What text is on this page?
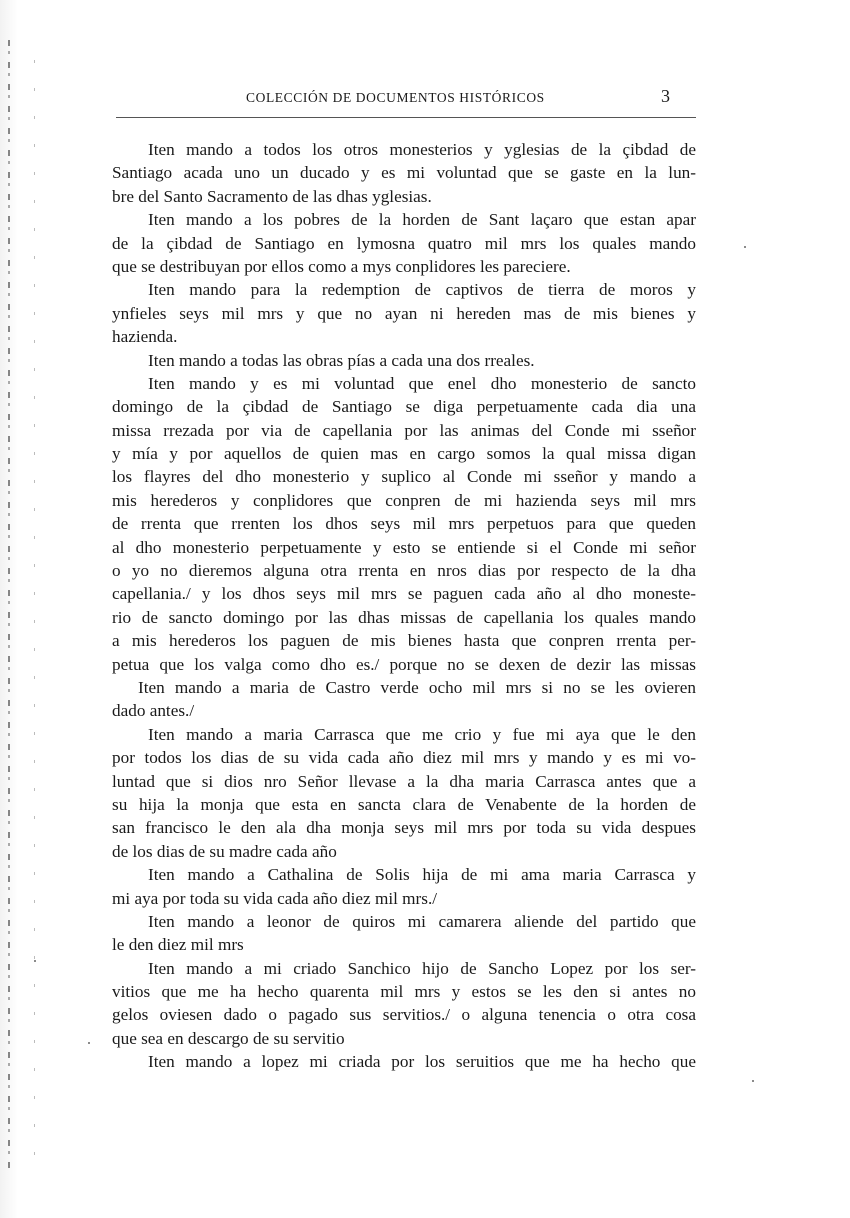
COLECCIÓN DE DOCUMENTOS HISTÓRICOS	3
Iten mando a todos los otros monesterios y yglesias de la çibdad de
Santiago acada uno un ducado y es mi voluntad que se gaste en la lun-
bre del Santo Sacramento de las dhas yglesias.
Iten mando a los pobres de la horden de Sant laçaro que estan apar
de la çibdad de Santiago en lymosna quatro mil mrs los quales mando
que se destribuyan por ellos como a mys conplidores les pareciere.
Iten mando para la redemption de captivos de tierra de moros y
ynfieles seys mil mrs y que no ayan ni hereden mas de mis bienes y
hazienda.
Iten mando a todas las obras pías a cada una dos rreales.
Iten mando y es mi voluntad que enel dho monesterio de sancto
domingo de la çibdad de Santiago se diga perpetuamente cada dia una
missa rrezada por via de capellania por las animas del Conde mi sseñor
y mía y por aquellos de quien mas en cargo somos la qual missa digan
los flayres del dho monesterio y suplico al Conde mi sseñor y mando a
mis herederos y conplidores que conpren de mi hazienda seys mil mrs
de rrenta que rrenten los dhos seys mil mrs perpetuos para que queden
al dho monesterio perpetuamente y esto se entiende si el Conde mi señor
o yo no dieremos alguna otra rrenta en nros dias por respecto de la dha
capellania./ y los dhos seys mil mrs se paguen cada año al dho moneste-
rio de sancto domingo por las dhas missas de capellania los quales mando
a mis herederos los paguen de mis bienes hasta que conpren rrenta per-
petua que los valga como dho es./ porque no se dexen de dezir las missas
Iten mando a maria de Castro verde ocho mil mrs si no se les ovieren
dado antes./
Iten mando a maria Carrasca que me crio y fue mi aya que le den
por todos los dias de su vida cada año diez mil mrs y mando y es mi vo-
luntad que si dios nro Señor llevase a la dha maria Carrasca antes que a
su hija la monja que esta en sancta clara de Venabente de la horden de
san francisco le den ala dha monja seys mil mrs por toda su vida despues
de los dias de su madre cada año
Iten mando a Cathalina de Solis hija de mi ama maria Carrasca y
mi aya por toda su vida cada año diez mil mrs./
Iten mando a leonor de quiros mi camarera aliende del partido que
le den diez mil mrs
Iten mando a mi criado Sanchico hijo de Sancho Lopez por los ser-
vitios que me ha hecho quarenta mil mrs y estos se les den si antes no
gelos oviesen dado o pagado sus servitios./ o alguna tenencia o otra cosa
que sea en descargo de su servitio
Iten mando a lopez mi criada por los seruitios que me ha hecho que
